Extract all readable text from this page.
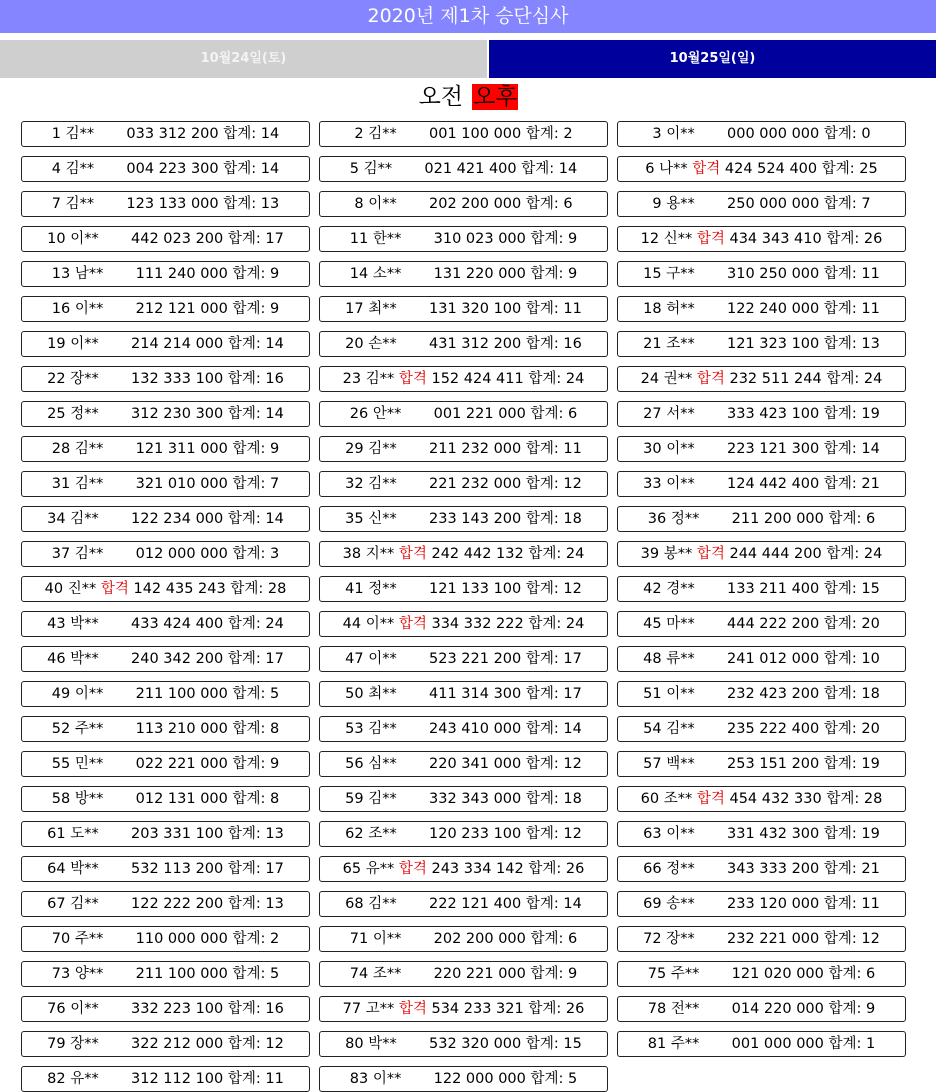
2020년 제1차 승단심사
10월24일(토)	10월25일(일)
오전 오후
1 김**       033 312 200 합계: 14	2 김**       001 100 000 합계: 2	3 이**       000 000 000 합계: 0
4 김**       004 223 300 합계: 14	5 김**       021 421 400 합계: 14	6 나** 합격 424 524 400 합계: 25
7 김**       123 133 000 합계: 13	8 이**       202 200 000 합계: 6	9 용**       250 000 000 합계: 7
10 이**       442 023 200 합계: 17	11 한**       310 023 000 합계: 9	12 신** 합격 434 343 410 합계: 26
13 남**       111 240 000 합계: 9	14 소**       131 220 000 합계: 9	15 구**       310 250 000 합계: 11
16 이**       212 121 000 합계: 9	17 최**       131 320 100 합계: 11	18 허**       122 240 000 합계: 11
19 이**       214 214 000 합계: 14	20 손**       431 312 200 합계: 16	21 조**       121 323 100 합계: 13
22 장**       132 333 100 합계: 16	23 김** 합격 152 424 411 합계: 24	24 권** 합격 232 511 244 합계: 24
25 정**       312 230 300 합계: 14	26 안**       001 221 000 합계: 6	27 서**       333 423 100 합계: 19
28 김**       121 311 000 합계: 9	29 김**       211 232 000 합계: 11	30 이**       223 121 300 합계: 14
31 김**       321 010 000 합계: 7	32 김**       221 232 000 합계: 12	33 이**       124 442 400 합계: 21
34 김**       122 234 000 합계: 14	35 신**       233 143 200 합계: 18	36 정**       211 200 000 합계: 6
37 김**       012 000 000 합계: 3	38 지** 합격 242 442 132 합계: 24	39 봉** 합격 244 444 200 합계: 24
40 진** 합격 142 435 243 합계: 28	41 정**       121 133 100 합계: 12	42 경**       133 211 400 합계: 15
43 박**       433 424 400 합계: 24	44 이** 합격 334 332 222 합계: 24	45 마**       444 222 200 합계: 20
46 박**       240 342 200 합계: 17	47 이**       523 221 200 합계: 17	48 류**       241 012 000 합계: 10
49 이**       211 100 000 합계: 5	50 최**       411 314 300 합계: 17	51 이**       232 423 200 합계: 18
52 주**       113 210 000 합계: 8	53 김**       243 410 000 합계: 14	54 김**       235 222 400 합계: 20
55 민**       022 221 000 합계: 9	56 심**       220 341 000 합계: 12	57 백**       253 151 200 합계: 19
58 방**       012 131 000 합계: 8	59 김**       332 343 000 합계: 18	60 조** 합격 454 432 330 합계: 28
61 도**       203 331 100 합계: 13	62 조**       120 233 100 합계: 12	63 이**       331 432 300 합계: 19
64 박**       532 113 200 합계: 17	65 유** 합격 243 334 142 합계: 26	66 정**       343 333 200 합계: 21
67 김**       122 222 200 합계: 13	68 김**       222 121 400 합계: 14	69 송**       233 120 000 합계: 11
70 주**       110 000 000 합계: 2	71 이**       202 200 000 합계: 6	72 장**       232 221 000 합계: 12
73 양**       211 100 000 합계: 5	74 조**       220 221 000 합계: 9	75 주**       121 020 000 합계: 6
76 이**       332 223 100 합계: 16	77 고** 합격 534 233 321 합계: 26	78 전**       014 220 000 합계: 9
79 장**       322 212 000 합계: 12	80 박**       532 320 000 합계: 15	81 주**       001 000 000 합계: 1
82 유**       312 112 100 합계: 11	83 이**       122 000 000 합계: 5
